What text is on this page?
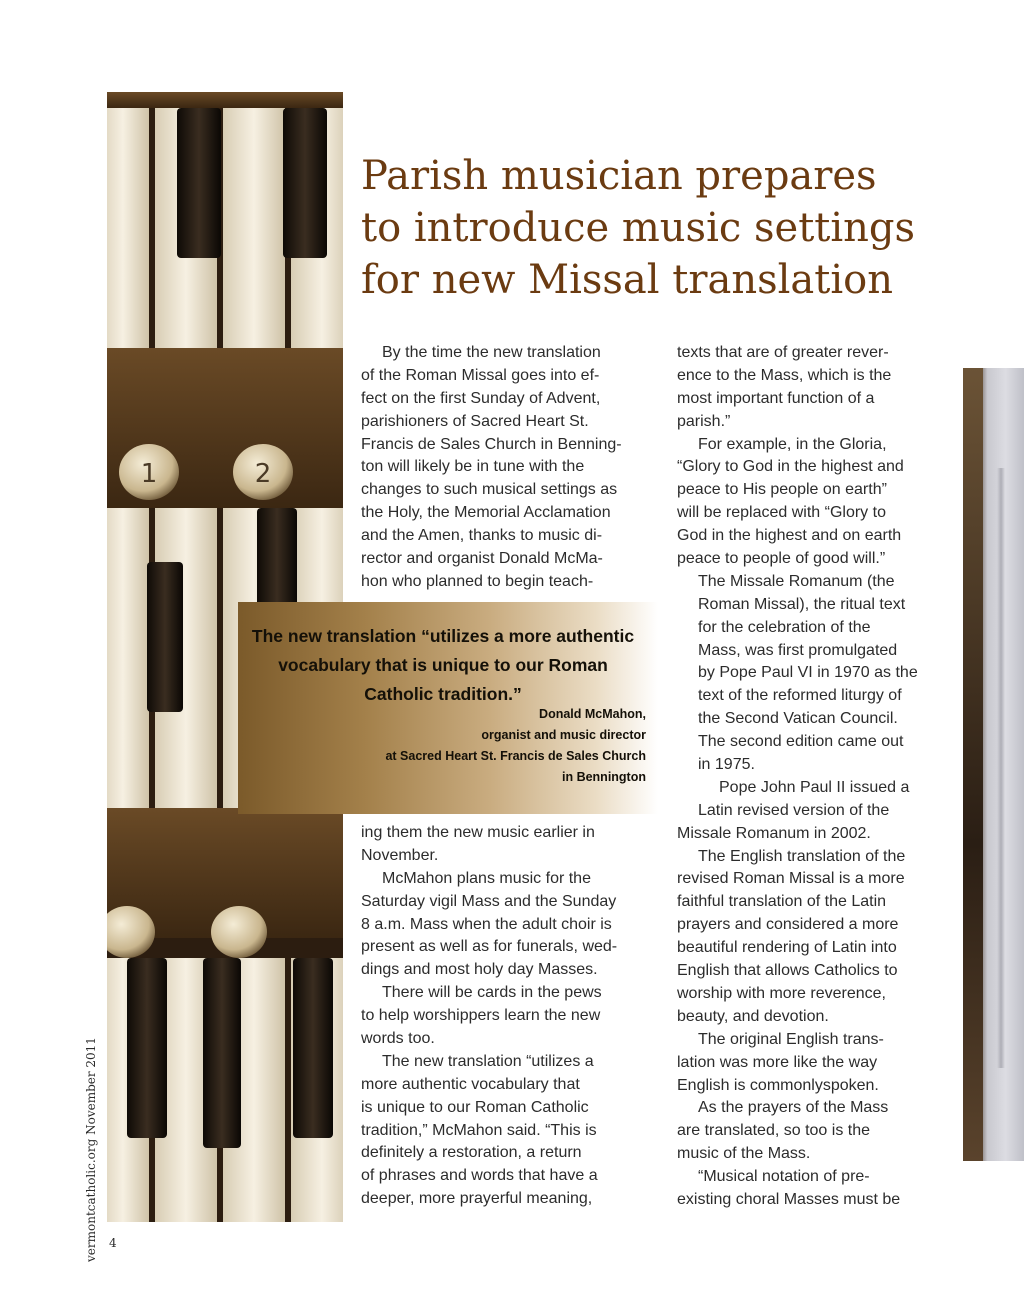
1	2
Parish musician prepares
to introduce music settings
for new Missal translation
By the time the new translation
of the Roman Missal goes into ef-
fect on the first Sunday of Advent,
parishioners of Sacred Heart St.
Francis de Sales Church in Benning-
ton will likely be in tune with the
changes to such musical settings as
the Holy, the Memorial Acclamation
and the Amen, thanks to music di-
rector and organist Donald McMa-
hon who planned to begin teach-
The new translation “utilizes a more authentic
vocabulary that is unique to our Roman
Catholic tradition.”
Donald McMahon,
organist and music director
at Sacred Heart St. Francis de Sales Church
in Bennington
ing them the new music earlier in
November.
McMahon plans music for the
Saturday vigil Mass and the Sunday
8 a.m. Mass when the adult choir is
present as well as for funerals, wed-
dings and most holy day Masses.
There will be cards in the pews
to help worshippers learn the new
words too.
The new translation “utilizes a
more authentic vocabulary that
is unique to our Roman Catholic
tradition,” McMahon said. “This is
definitely a restoration, a return
of phrases and words that have a
deeper, more prayerful meaning,
texts that are of greater rever-
ence to the Mass, which is the
most important function of a
parish.”
For example, in the Gloria,
“Glory to God in the highest and
peace to His people on earth”
will be replaced with “Glory to
God in the highest and on earth
peace to people of good will.”
The Missale Romanum (the
Roman Missal), the ritual text
for the celebration of the
Mass, was first promulgated
by Pope Paul VI in 1970 as the
text of the reformed liturgy of
the Second Vatican Council.
The second edition came out
in 1975.
Pope John Paul II issued a
Latin revised version of the
Missale Romanum in 2002.
The English translation of the
revised Roman Missal is a more
faithful translation of the Latin
prayers and considered a more
beautiful rendering of Latin into
English that allows Catholics to
worship with more reverence,
beauty, and devotion.
The original English trans-
lation was more like the way
English is commonlyspoken.
As the prayers of the Mass
are translated, so too is the
music of the Mass.
“Musical notation of pre-
existing choral Masses must be
vermontcatholic.org November 2011 4
